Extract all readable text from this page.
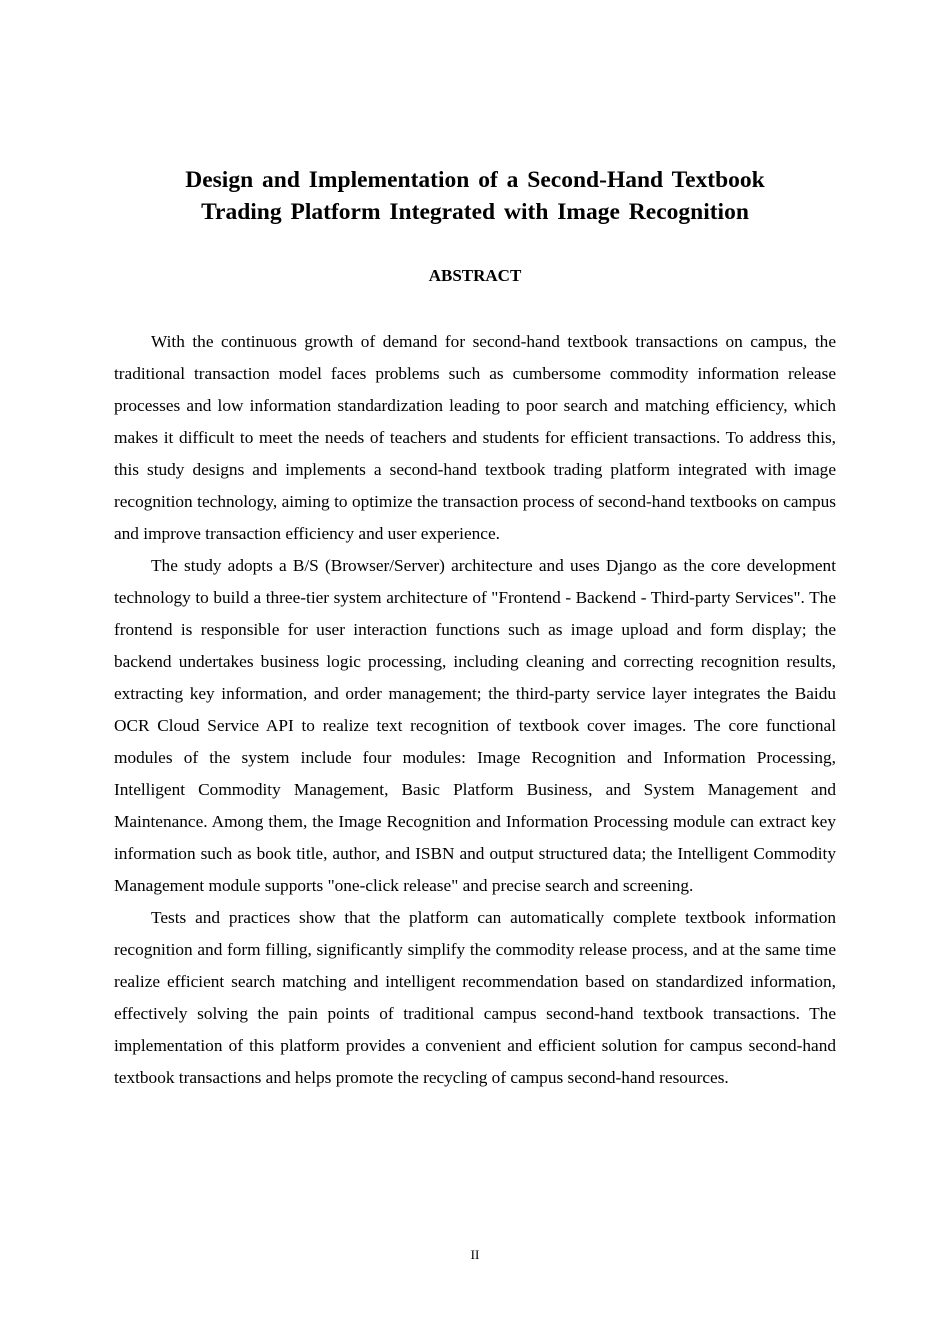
Design and Implementation of a Second-Hand Textbook
Trading Platform Integrated with Image Recognition
ABSTRACT

With the continuous growth of demand for second-hand textbook transactions on campus, the traditional transaction model faces problems such as cumbersome commodity information release processes and low information standardization leading to poor search and matching efficiency, which makes it difficult to meet the needs of teachers and students for efficient transactions. To address this, this study designs and implements a second-hand textbook trading platform integrated with image recognition technology, aiming to optimize the transaction process of second-hand textbooks on campus and improve transaction efficiency and user experience.

The study adopts a B/S (Browser/Server) architecture and uses Django as the core development technology to build a three-tier system architecture of "Frontend - Backend - Third-party Services". The frontend is responsible for user interaction functions such as image upload and form display; the backend undertakes business logic processing, including cleaning and correcting recognition results, extracting key information, and order management; the third-party service layer integrates the Baidu OCR Cloud Service API to realize text recognition of textbook cover images. The core functional modules of the system include four modules: Image Recognition and Information Processing, Intelligent Commodity Management, Basic Platform Business, and System Management and Maintenance. Among them, the Image Recognition and Information Processing module can extract key information such as book title, author, and ISBN and output structured data; the Intelligent Commodity Management module supports "one-click release" and precise search and screening.

Tests and practices show that the platform can automatically complete textbook information recognition and form filling, significantly simplify the commodity release process, and at the same time realize efficient search matching and intelligent recommendation based on standardized information, effectively solving the pain points of traditional campus second-hand textbook transactions. The implementation of this platform provides a convenient and efficient solution for campus second-hand textbook transactions and helps promote the recycling of campus second-hand resources.

II
